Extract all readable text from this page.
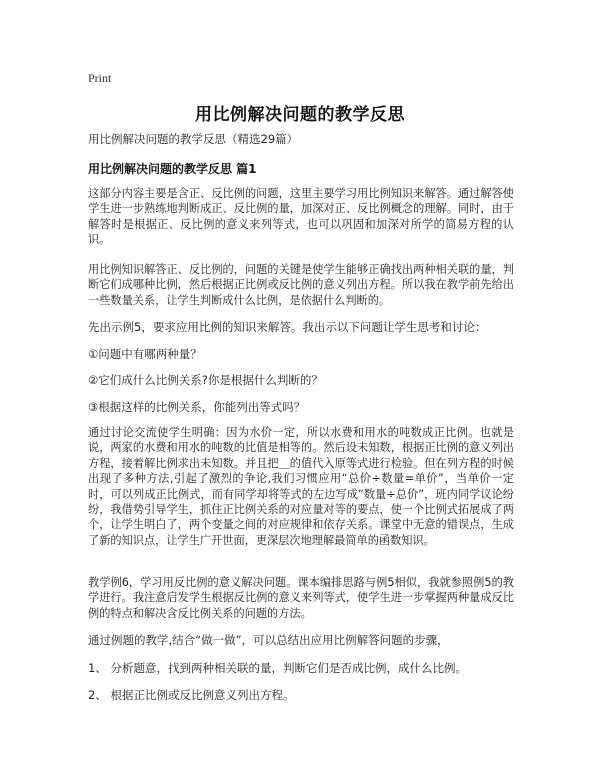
Print
用比例解决问题的教学反思
用比例解决问题的教学反思（精选29篇）
用比例解决问题的教学反思 篇1
这部分内容主要是含正、反比例的问题，这里主要学习用比例知识来解答。通过解答使学生进一步熟练地判断成正、反比例的量，加深对正、反比例概念的理解。同时，由于解答时是根据正、反比例的意义来列等式，也可以巩固和加深对所学的简易方程的认识。
用比例知识解答正、反比例的，问题的关键是使学生能够正确找出两种相关联的量，判断它们成哪种比例，然后根据正比例或反比例的意义列出方程。所以我在教学前先给出一些数量关系，让学生判断成什么比例，是依据什么判断的。
先出示例5，要求应用比例的知识来解答。我出示以下问题让学生思考和讨论：
①问题中有哪两种量？
②它们成什么比例关系?你是根据什么判断的？
③根据这样的比例关系，你能列出等式吗？
通过讨论交流使学生明确：因为水价一定，所以水费和用水的吨数成正比例。也就是说，两家的水费和用水的吨数的比值是相等的。然后设未知数，根据正比例的意义列出方程，接着解比例求出未知数。并且把＿的值代入原等式进行检验。但在列方程的时候出现了多种方法,引起了激烈的争论,我们习惯应用“总价÷数量=单价”，当单价一定时，可以列成正比例式，而有同学却将等式的左边写成“数量÷总价”，班内同学议论纷纷，我借势引导学生，抓住正比例关系的对应量对等的要点，使一个比例式拓展成了两个，让学生明白了，两个变量之间的对应规律和依存关系。课堂中无意的错误点，生成了新的知识点，让学生广开世面，更深层次地理解最简单的函数知识。
教学例6，学习用反比例的意义解决问题。课本编排思路与例5相似，我就参照例5的教学进行。我注意启发学生根据反比例的意义来列等式，使学生进一步掌握两种量成反比例的特点和解决含反比例关系的问题的方法。
通过例题的教学,结合“做一做”，可以总结出应用比例解答问题的步骤，
1、 分析题意，找到两种相关联的量，判断它们是否成比例，成什么比例。
2、 根据正比例或反比例意义列出方程。
